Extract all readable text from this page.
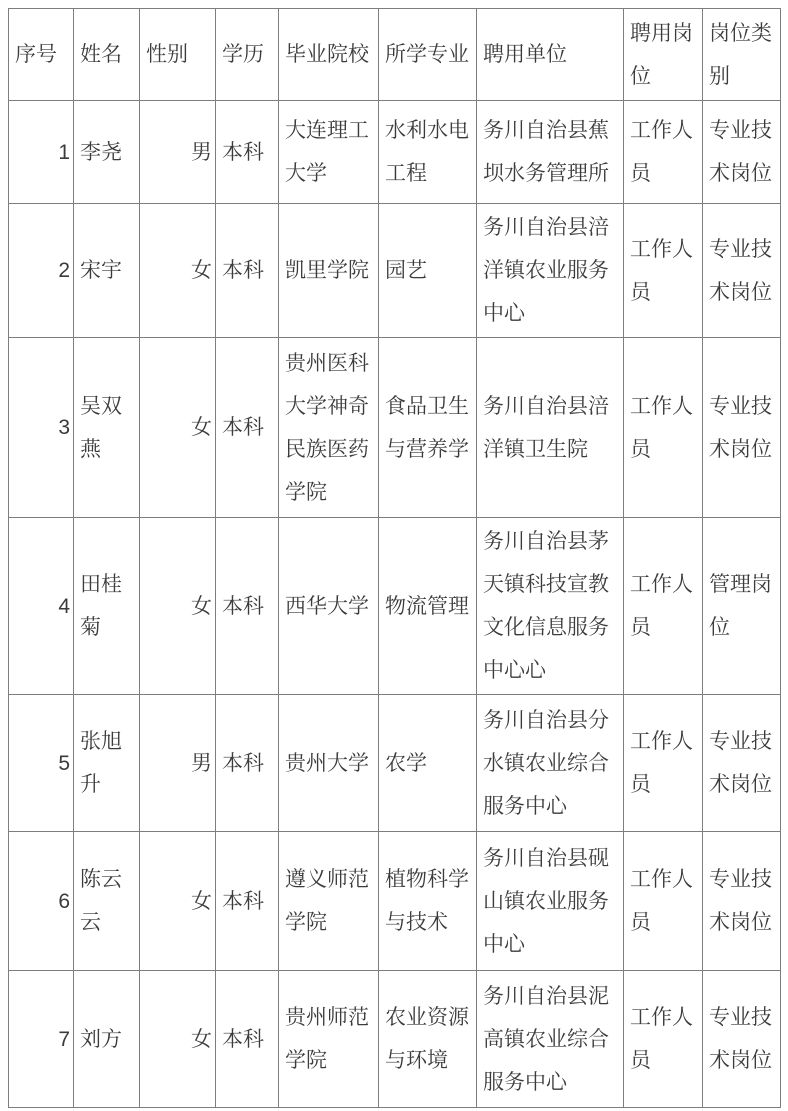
序号	姓名	性别	学历	毕业院校	所学专业	聘用单位	聘用岗位	岗位类别
1	李尧	男	本科	大连理工大学	水利水电工程	务川自治县蕉坝水务管理所	工作人员	专业技术岗位
2	宋宇	女	本科	凯里学院	园艺	务川自治县涪洋镇农业服务中心	工作人员	专业技术岗位
3	吴双燕	女	本科	贵州医科大学神奇民族医药学院	食品卫生与营养学	务川自治县涪洋镇卫生院	工作人员	专业技术岗位
4	田桂菊	女	本科	西华大学	物流管理	务川自治县茅天镇科技宣教文化信息服务中心心	工作人员	管理岗位
5	张旭升	男	本科	贵州大学	农学	务川自治县分水镇农业综合服务中心	工作人员	专业技术岗位
6	陈云云	女	本科	遵义师范学院	植物科学与技术	务川自治县砚山镇农业服务中心	工作人员	专业技术岗位
7	刘方	女	本科	贵州师范学院	农业资源与环境	务川自治县泥高镇农业综合服务中心	工作人员	专业技术岗位
